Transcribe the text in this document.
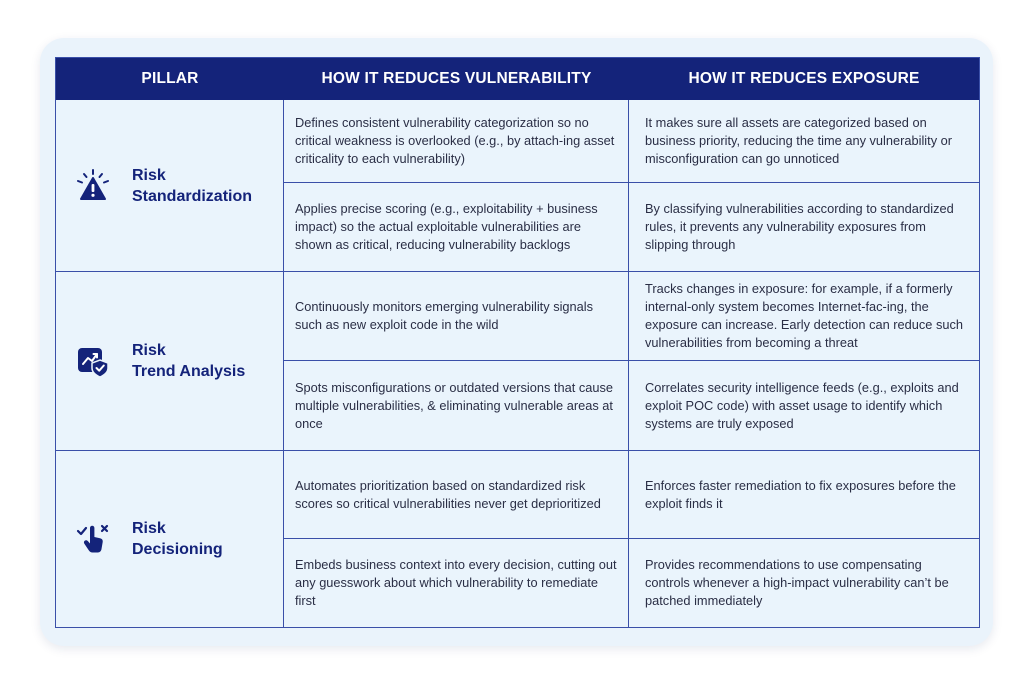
PILLAR	HOW IT REDUCES VULNERABILITY	HOW IT REDUCES EXPOSURE
Risk
Standardization
Defines consistent vulnerability categorization so no critical weakness is overlooked (e.g., by attach-ing asset criticality to each vulnerability)
It makes sure all assets are categorized based on business priority, reducing the time any vulnerability or misconfiguration can go unnoticed
Applies precise scoring (e.g., exploitability + business impact) so the actual exploitable vulnerabilities are shown as critical, reducing vulnerability backlogs
By classifying vulnerabilities according to standardized rules, it prevents any vulnerability exposures from slipping through
Risk
Trend Analysis
Continuously monitors emerging vulnerability signals such as new exploit code in the wild
Tracks changes in exposure: for example, if a formerly internal-only system becomes Internet-fac-ing, the exposure can increase. Early detection can reduce such vulnerabilities from becoming a threat
Spots misconfigurations or outdated versions that cause multiple vulnerabilities, & eliminating vulnerable areas at once
Correlates security intelligence feeds (e.g., exploits and exploit POC code) with asset usage to identify which systems are truly exposed
Risk
Decisioning
Automates prioritization based on standardized risk scores so critical vulnerabilities never get deprioritized
Enforces faster remediation to fix exposures before the exploit finds it
Embeds business context into every decision, cutting out any guesswork about which vulnerability to remediate first
Provides recommendations to use compensating controls whenever a high-impact vulnerability can’t be patched immediately
